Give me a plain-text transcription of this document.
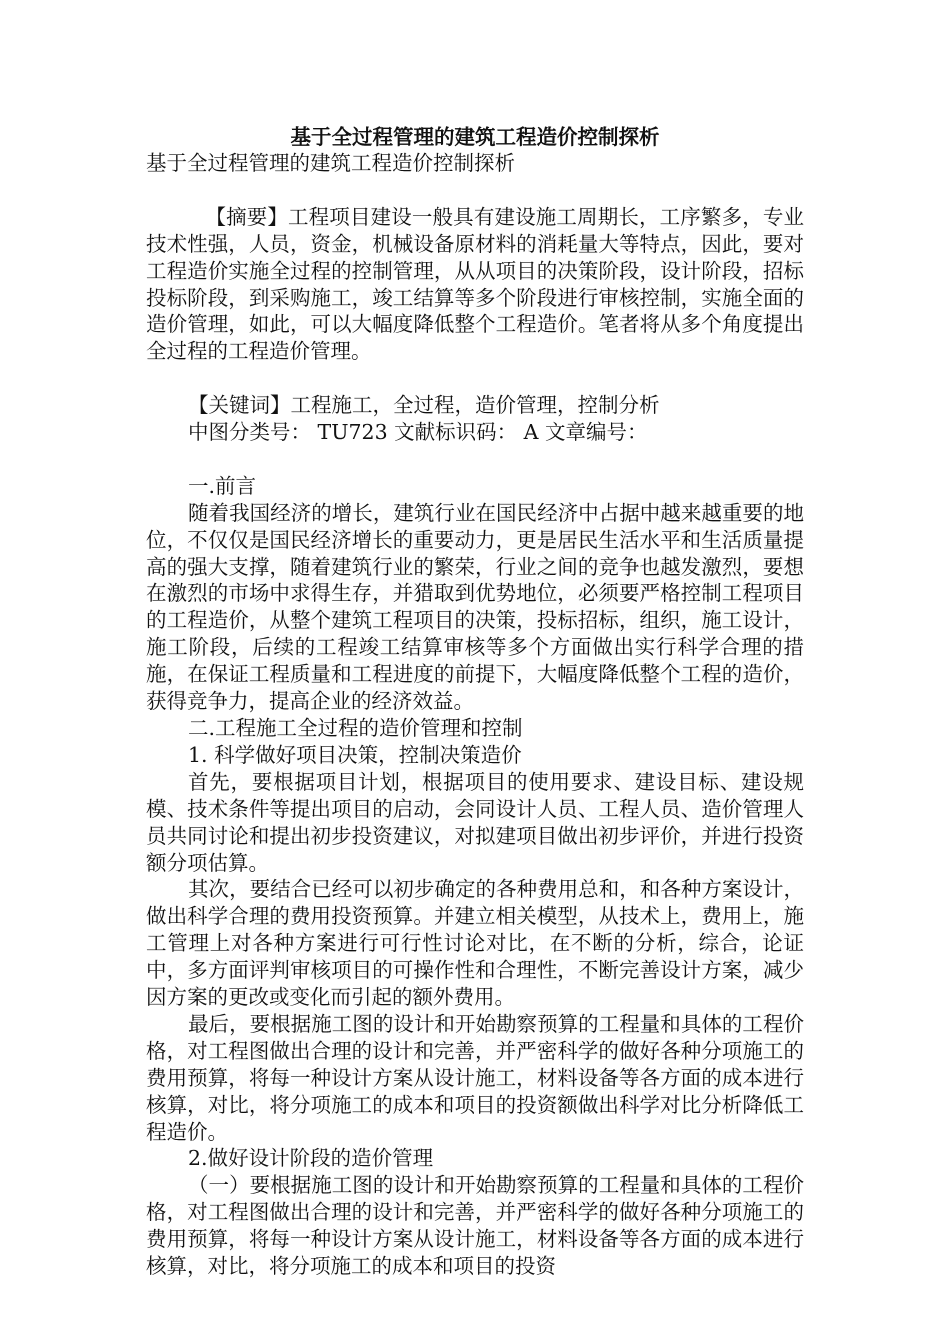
基于全过程管理的建筑工程造价控制探析

基于全过程管理的建筑工程造价控制探析

【摘要】工程项目建设一般具有建设施工周期长，工序繁多，专业技术性强，人员，资金，机械设备原材料的消耗量大等特点，因此，要对工程造价实施全过程的控制管理，从从项目的决策阶段，设计阶段，招标投标阶段，到采购施工，竣工结算等多个阶段进行审核控制，实施全面的造价管理，如此，可以大幅度降低整个工程造价。笔者将从多个角度提出全过程的工程造价管理。

【关键词】工程施工，全过程，造价管理，控制分析

中图分类号： TU723 文献标识码： A 文章编号：

一.前言

随着我国经济的增长，建筑行业在国民经济中占据中越来越重要的地位，不仅仅是国民经济增长的重要动力，更是居民生活水平和生活质量提高的强大支撑，随着建筑行业的繁荣，行业之间的竞争也越发激烈，要想在激烈的市场中求得生存，并猎取到优势地位，必须要严格控制工程项目的工程造价，从整个建筑工程项目的决策，投标招标，组织，施工设计，施工阶段，后续的工程竣工结算审核等多个方面做出实行科学合理的措施，在保证工程质量和工程进度的前提下，大幅度降低整个工程的造价，获得竞争力，提高企业的经济效益。

二.工程施工全过程的造价管理和控制

1. 科学做好项目决策，控制决策造价

首先，要根据项目计划，根据项目的使用要求、建设目标、建设规模、技术条件等提出项目的启动，会同设计人员、工程人员、造价管理人员共同讨论和提出初步投资建议，对拟建项目做出初步评价，并进行投资额分项估算。

其次，要结合已经可以初步确定的各种费用总和，和各种方案设计，做出科学合理的费用投资预算。并建立相关模型，从技术上，费用上，施工管理上对各种方案进行可行性讨论对比，在不断的分析，综合，论证中，多方面评判审核项目的可操作性和合理性，不断完善设计方案，减少因方案的更改或变化而引起的额外费用。

最后，要根据施工图的设计和开始勘察预算的工程量和具体的工程价格，对工程图做出合理的设计和完善，并严密科学的做好各种分项施工的费用预算，将每一种设计方案从设计施工，材料设备等各方面的成本进行核算，对比，将分项施工的成本和项目的投资额做出科学对比分析降低工程造价。

2.做好设计阶段的造价管理

（一）要根据施工图的设计和开始勘察预算的工程量和具体的工程价格，对工程图做出合理的设计和完善，并严密科学的做好各种分项施工的费用预算，将每一种设计方案从设计施工，材料设备等各方面的成本进行核算，对比，将分项施工的成本和项目的投资
